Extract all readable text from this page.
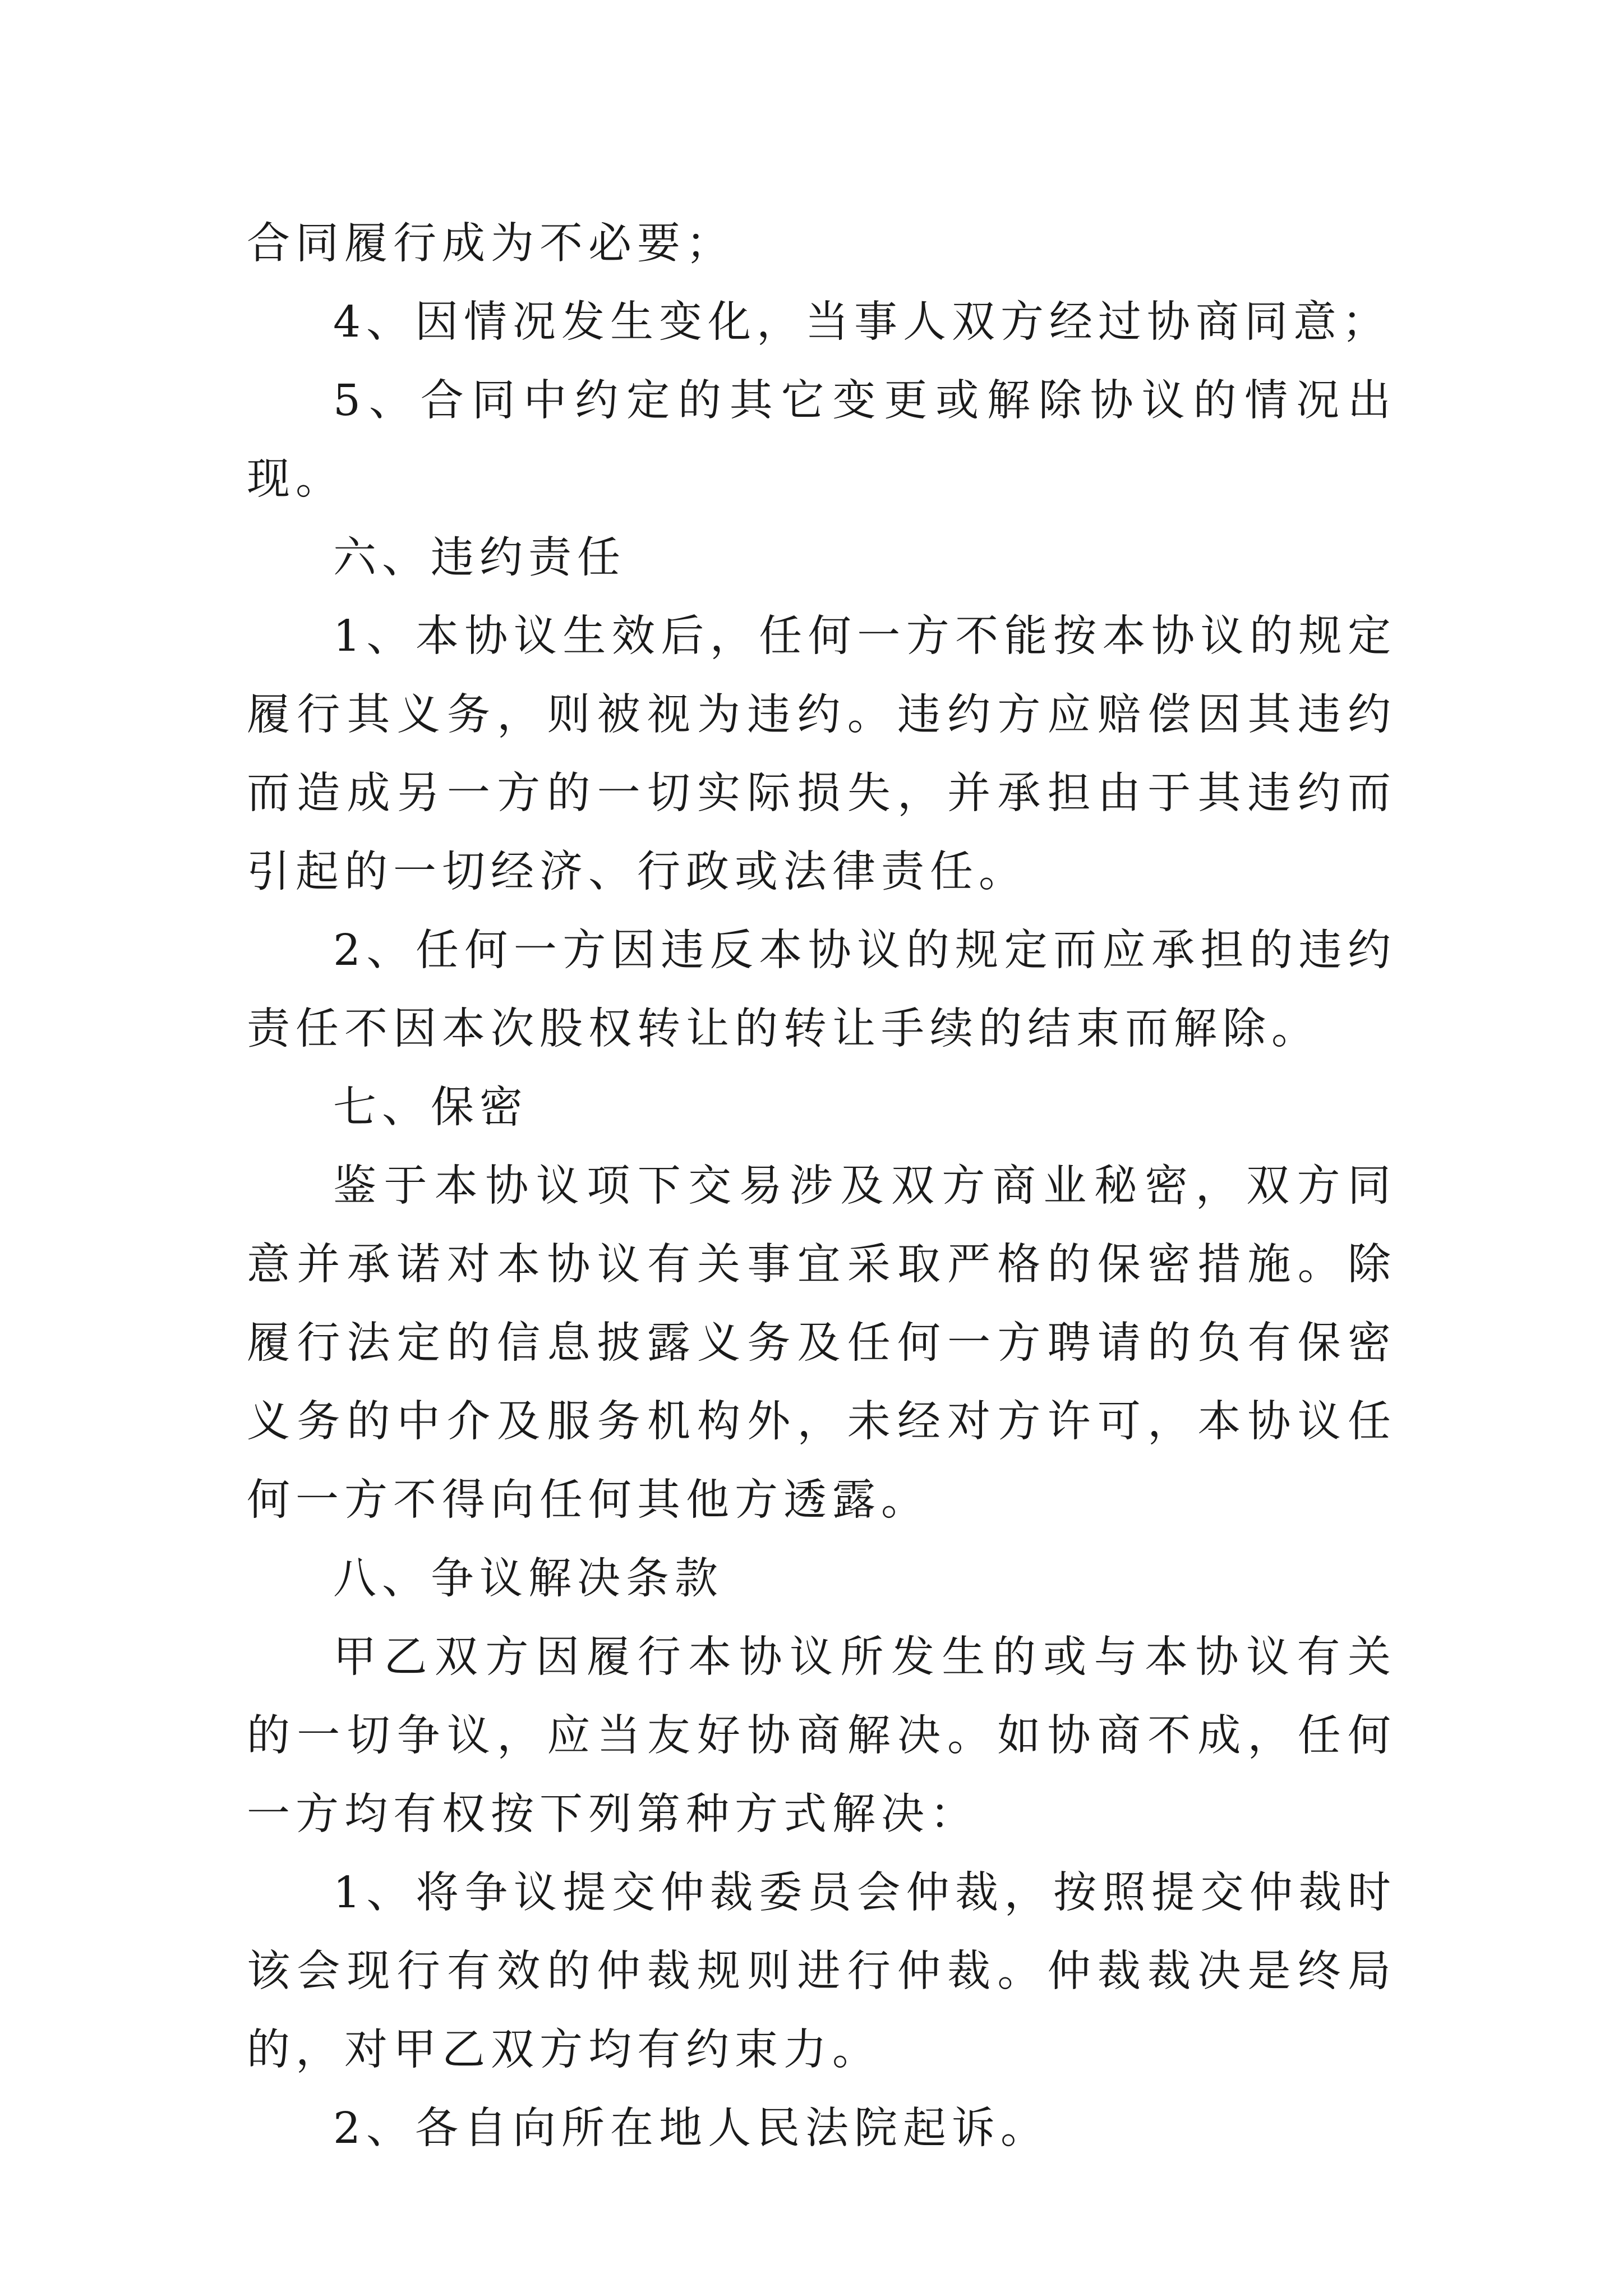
合同履行成为不必要；

4、因情况发生变化，当事人双方经过协商同意；

5、合同中约定的其它变更或解除协议的情况出现。

六、违约责任

1、本协议生效后，任何一方不能按本协议的规定履行其义务，则被视为违约。违约方应赔偿因其违约而造成另一方的一切实际损失，并承担由于其违约而引起的一切经济、行政或法律责任。

2、任何一方因违反本协议的规定而应承担的违约责任不因本次股权转让的转让手续的结束而解除。

七、保密

鉴于本协议项下交易涉及双方商业秘密，双方同意并承诺对本协议有关事宜采取严格的保密措施。除履行法定的信息披露义务及任何一方聘请的负有保密义务的中介及服务机构外，未经对方许可，本协议任何一方不得向任何其他方透露。

八、争议解决条款

甲乙双方因履行本协议所发生的或与本协议有关的一切争议，应当友好协商解决。如协商不成，任何一方均有权按下列第种方式解决：

1、将争议提交仲裁委员会仲裁，按照提交仲裁时该会现行有效的仲裁规则进行仲裁。仲裁裁决是终局的，对甲乙双方均有约束力。

2、各自向所在地人民法院起诉。
